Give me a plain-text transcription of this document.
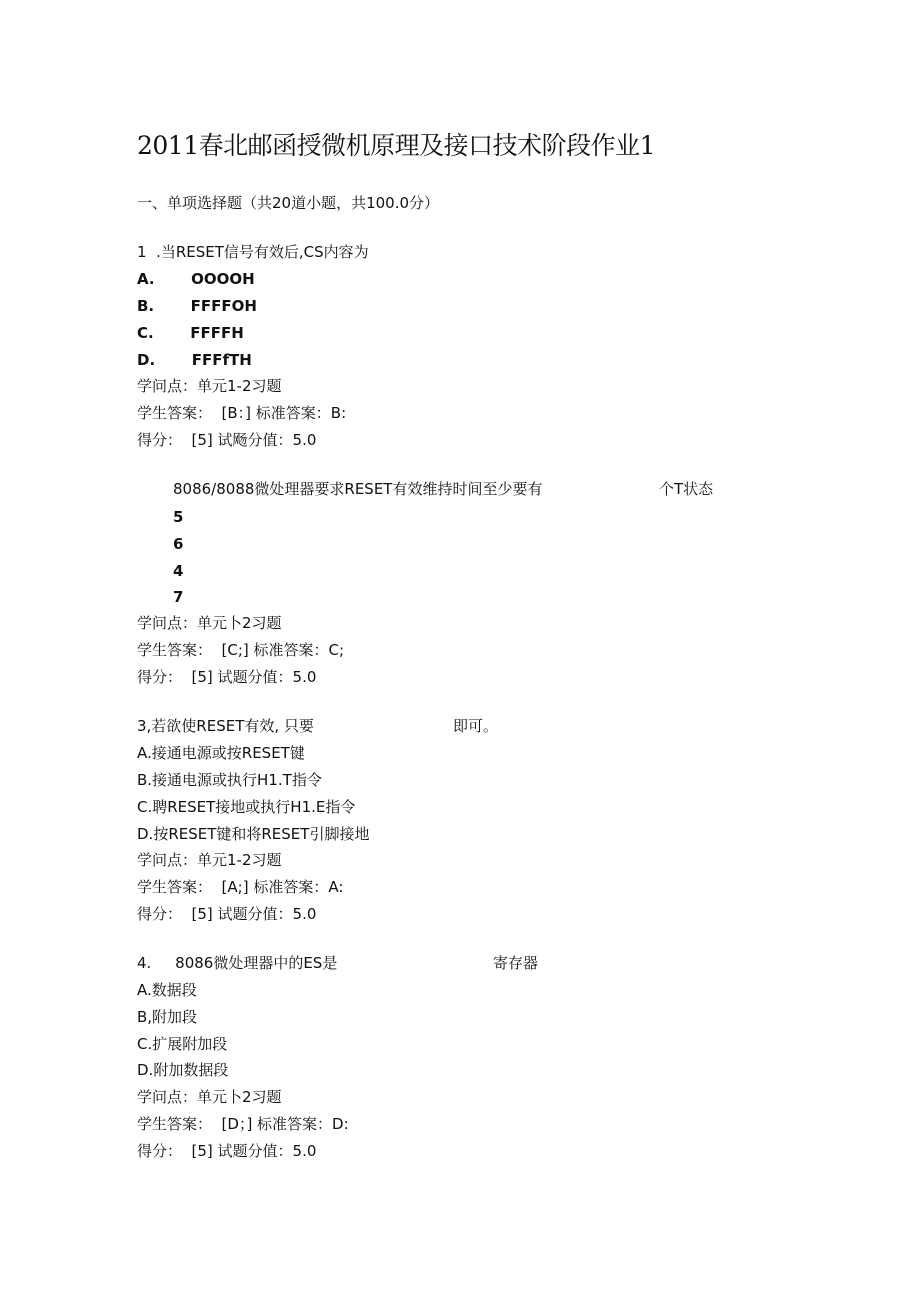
2011春北邮函授微机原理及接口技术阶段作业1
一、单项选择题（共20道小题，共100.0分）
1  .当RESET信号有效后,CS内容为
A.       OOOOH
B.       FFFFOH
C.       FFFFH
D.       FFFfTH
学问点：单元1-2习题
学生答案：  [B：] 标准答案：B:
得分：  [5] 试飏分值：5.0
8086/8088微处理器要求RESET有效维持时间至少要有	个T状态
5
6
4
7
学问点：单元卜2习题
学生答案：  [C;] 标准答案：C;
得分：  [5] 试题分值：5.0
3,若欲使RESET有效, 只要	即可。
A.接通电源或按RESET键
B.接通电源或执行H1.T指令
C.聘RESET接地或执行H1.E指令
D.按RESET键和将RESET引脚接地
学问点：单元1-2习题
学生答案：  [A;] 标准答案：A:
得分：  [5] 试题分值：5.0
4.     8086微处理器中的ES是	寄存器
A.数据段
B,附加段
C.扩展附加段
D.附加数据段
学问点：单元卜2习题
学生答案：  [D；] 标准答案：D:
得分：  [5] 试题分值：5.0
